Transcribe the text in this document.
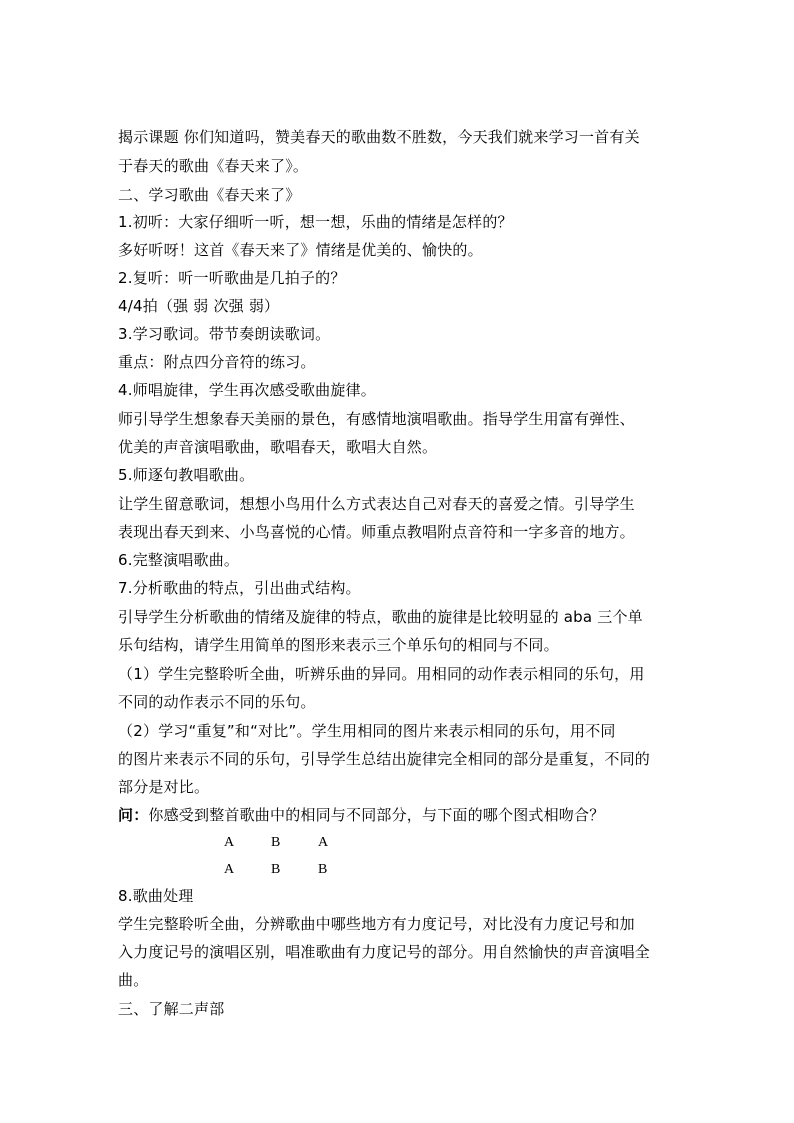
揭示课题 你们知道吗，赞美春天的歌曲数不胜数，今天我们就来学习一首有关
于春天的歌曲《春天来了》。
二、学习歌曲《春天来了》
1.初听：大家仔细听一听，想一想，乐曲的情绪是怎样的？
多好听呀！这首《春天来了》情绪是优美的、愉快的。
2.复听：听一听歌曲是几拍子的？
4/4拍（强 弱 次强 弱）
3.学习歌词。带节奏朗读歌词。
重点：附点四分音符的练习。
4.师唱旋律，学生再次感受歌曲旋律。
师引导学生想象春天美丽的景色，有感情地演唱歌曲。指导学生用富有弹性、
优美的声音演唱歌曲，歌唱春天，歌唱大自然。
5.师逐句教唱歌曲。
让学生留意歌词，想想小鸟用什么方式表达自己对春天的喜爱之情。引导学生
表现出春天到来、小鸟喜悦的心情。师重点教唱附点音符和一字多音的地方。
6.完整演唱歌曲。
7.分析歌曲的特点，引出曲式结构。
引导学生分析歌曲的情绪及旋律的特点，歌曲的旋律是比较明显的 aba 三个单
乐句结构，请学生用简单的图形来表示三个单乐句的相同与不同。
（1）学生完整聆听全曲，听辨乐曲的异同。用相同的动作表示相同的乐句，用
不同的动作表示不同的乐句。
（2）学习“重复”和“对比”。学生用相同的图片来表示相同的乐句，用不同
的图片来表示不同的乐句，引导学生总结出旋律完全相同的部分是重复，不同的
部分是对比。
问：你感受到整首歌曲中的相同与不同部分，与下面的哪个图式相吻合？
A	B	A
A	B	B
8.歌曲处理
学生完整聆听全曲，分辨歌曲中哪些地方有力度记号，对比没有力度记号和加
入力度记号的演唱区别，唱准歌曲有力度记号的部分。用自然愉快的声音演唱全
曲。
三、了解二声部
